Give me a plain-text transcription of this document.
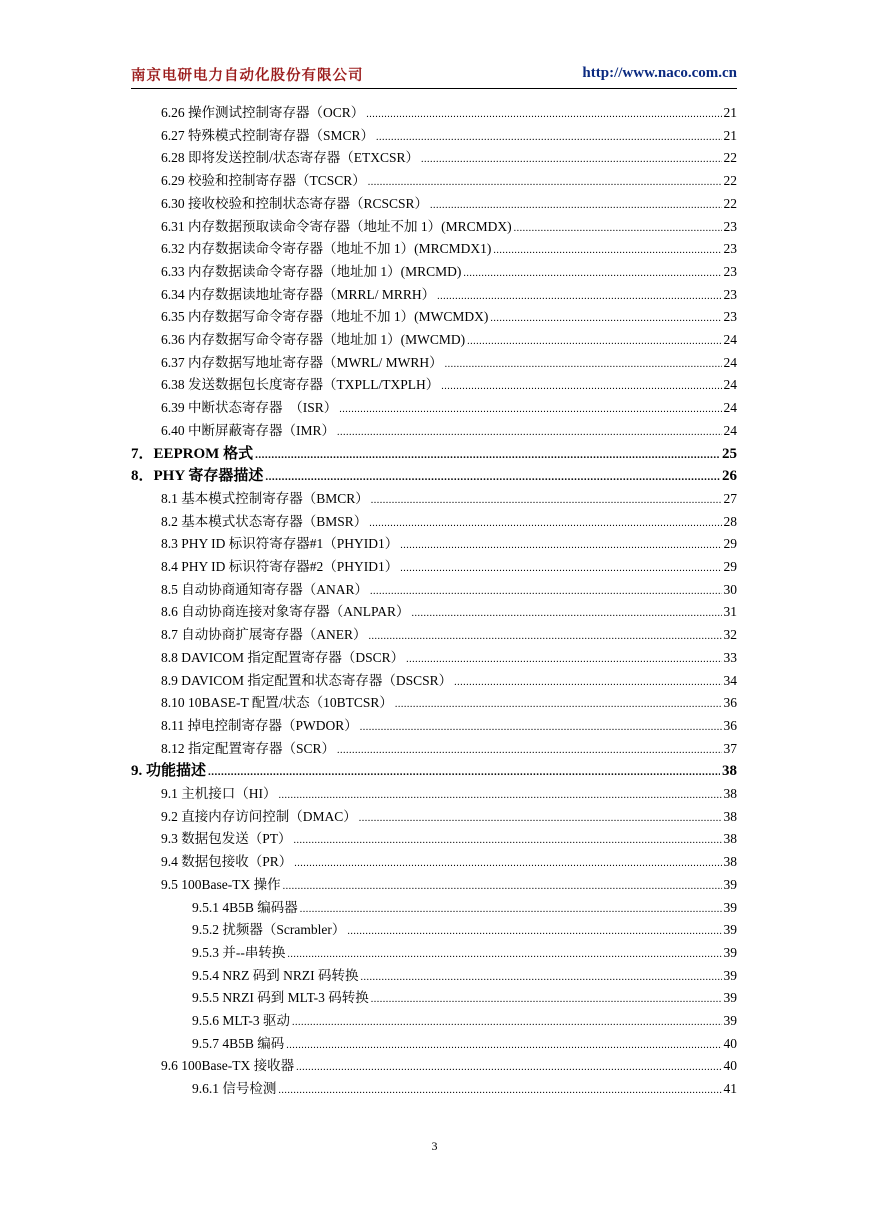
南京电研电力自动化股份有限公司	http://www.naco.com.cn
6.26 操作测试控制寄存器（OCR） .....	21
6.27 特殊模式控制寄存器（SMCR） .....	21
6.28 即将发送控制/状态寄存器（ETXCSR） .....	22
6.29 校验和控制寄存器（TCSCR） .....	22
6.30 接收校验和控制状态寄存器（RCSCSR） .....	22
6.31 内存数据预取读命令寄存器（地址不加 1）(MRCMDX) .....	23
6.32 内存数据读命令寄存器（地址不加 1）(MRCMDX1) .....	23
6.33 内存数据读命令寄存器（地址加 1）(MRCMD) .....	23
6.34 内存数据读地址寄存器（MRRL/ MRRH） .....	23
6.35 内存数据写命令寄存器（地址不加 1）(MWCMDX) .....	23
6.36 内存数据写命令寄存器（地址加 1）(MWCMD) .....	24
6.37 内存数据写地址寄存器（MWRL/ MWRH） .....	24
6.38 发送数据包长度寄存器（TXPLL/TXPLH） .....	24
6.39 中断状态寄存器　（ISR） .....	24
6.40 中断屏蔽寄存器（IMR） .....	24
7．EEPROM 格式 .....	25
8．PHY 寄存器描述 .....	26
8.1 基本模式控制寄存器（BMCR） .....	27
8.2 基本模式状态寄存器（BMSR） .....	28
8.3 PHY ID 标识符寄存器#1（PHYID1） .....	29
8.4 PHY ID 标识符寄存器#2（PHYID1） .....	29
8.5 自动协商通知寄存器（ANAR） .....	30
8.6 自动协商连接对象寄存器（ANLPAR） .....	31
8.7 自动协商扩展寄存器（ANER） .....	32
8.8 DAVICOM 指定配置寄存器（DSCR） .....	33
8.9 DAVICOM 指定配置和状态寄存器（DSCSR） .....	34
8.10 10BASE-T 配置/状态（10BTCSR） .....	36
8.11 掉电控制寄存器（PWDOR） .....	36
8.12 指定配置寄存器（SCR） .....	37
9. 功能描述 .....	38
9.1 主机接口（HI） .....	38
9.2 直接内存访问控制（DMAC） .....	38
9.3 数据包发送（PT） .....	38
9.4 数据包接收（PR） .....	38
9.5 100Base-TX 操作 .....	39
9.5.1 4B5B 编码器 .....	39
9.5.2 扰频器（Scrambler） .....	39
9.5.3 并--串转换 .....	39
9.5.4 NRZ 码到 NRZI 码转换 .....	39
9.5.5 NRZI 码到 MLT-3 码转换 .....	39
9.5.6 MLT-3 驱动 .....	39
9.5.7 4B5B 编码 .....	40
9.6 100Base-TX 接收器 .....	40
9.6.1 信号检测 .....	41
3
